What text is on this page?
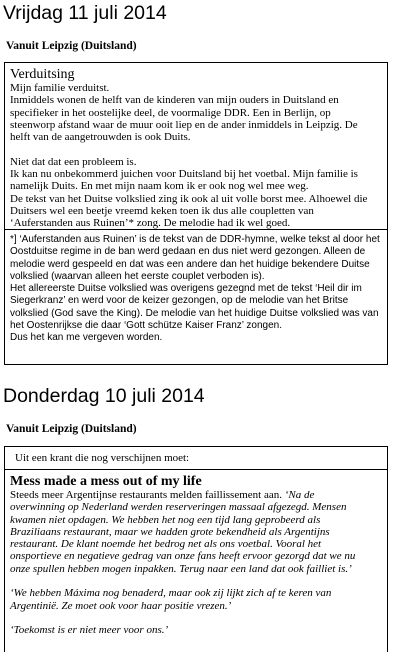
Vrijdag 11 juli 2014

Vanuit Leipzig (Duitsland)

Verduitsing

Mijn familie verduitst.

Inmiddels wonen de helft van de kinderen van mijn ouders in Duitsland en

specifieker in het oostelijke deel, de voormalige DDR. Een in Berlijn, op

steenworp afstand waar de muur ooit liep en de ander inmiddels in Leipzig. De

helft van de aangetrouwden is ook Duits.

Niet dat dat een probleem is.

Ik kan nu onbekommerd juichen voor Duitsland bij het voetbal. Mijn familie is

namelijk Duits. En met mijn naam kom ik er ook nog wel mee weg.

De tekst van het Duitse volkslied zing ik ook al uit volle borst mee. Alhoewel die

Duitsers wel een beetje vreemd keken toen ik dus alle coupletten van

‘Auferstanden aus Ruinen’* zong. De melodie had ik wel goed.

*] ‘Auferstanden aus Ruinen’ is de tekst van de DDR-hymne, welke tekst al door het

Oostduitse regime in de ban werd gedaan en dus niet werd gezongen. Alleen de

melodie werd gespeeld en dat was een andere dan het huidige bekendere Duitse

volkslied (waarvan alleen het eerste couplet verboden is).

Het allereerste Duitse volkslied was overigens gezegnd met de tekst ‘Heil dir im

Siegerkranz’ en werd voor de keizer gezongen, op de melodie van het Britse

volkslied (God save the King). De melodie van het huidige Duitse volkslied was van

het Oostenrijkse die daar ‘Gott schütze Kaiser Franz’ zongen.

Dus het kan me vergeven worden.

Donderdag 10 juli 2014

Vanuit Leipzig (Duitsland)

Uit een krant die nog verschijnen moet:

Mess made a mess out of my life

Steeds meer Argentijnse restaurants melden faillissement aan. ‘Na de

overwinning op Nederland werden reserveringen massaal afgezegd. Mensen

kwamen niet opdagen. We hebben het nog een tijd lang geprobeerd als

Braziliaans restaurant, maar we hadden grote bekendheid als Argentijns

restaurant. De klant noemde het bedrog net als ons voetbal. Vooral het

onsportieve en negatieve gedrag van onze fans heeft ervoor gezorgd dat we nu

onze spullen hebben mogen inpakken. Terug naar een land dat ook failliet is.’

‘We hebben Máxima nog benaderd, maar ook zij lijkt zich af te keren van

Argentinië. Ze moet ook voor haar positie vrezen.’

‘Toekomst is er niet meer voor ons.’
